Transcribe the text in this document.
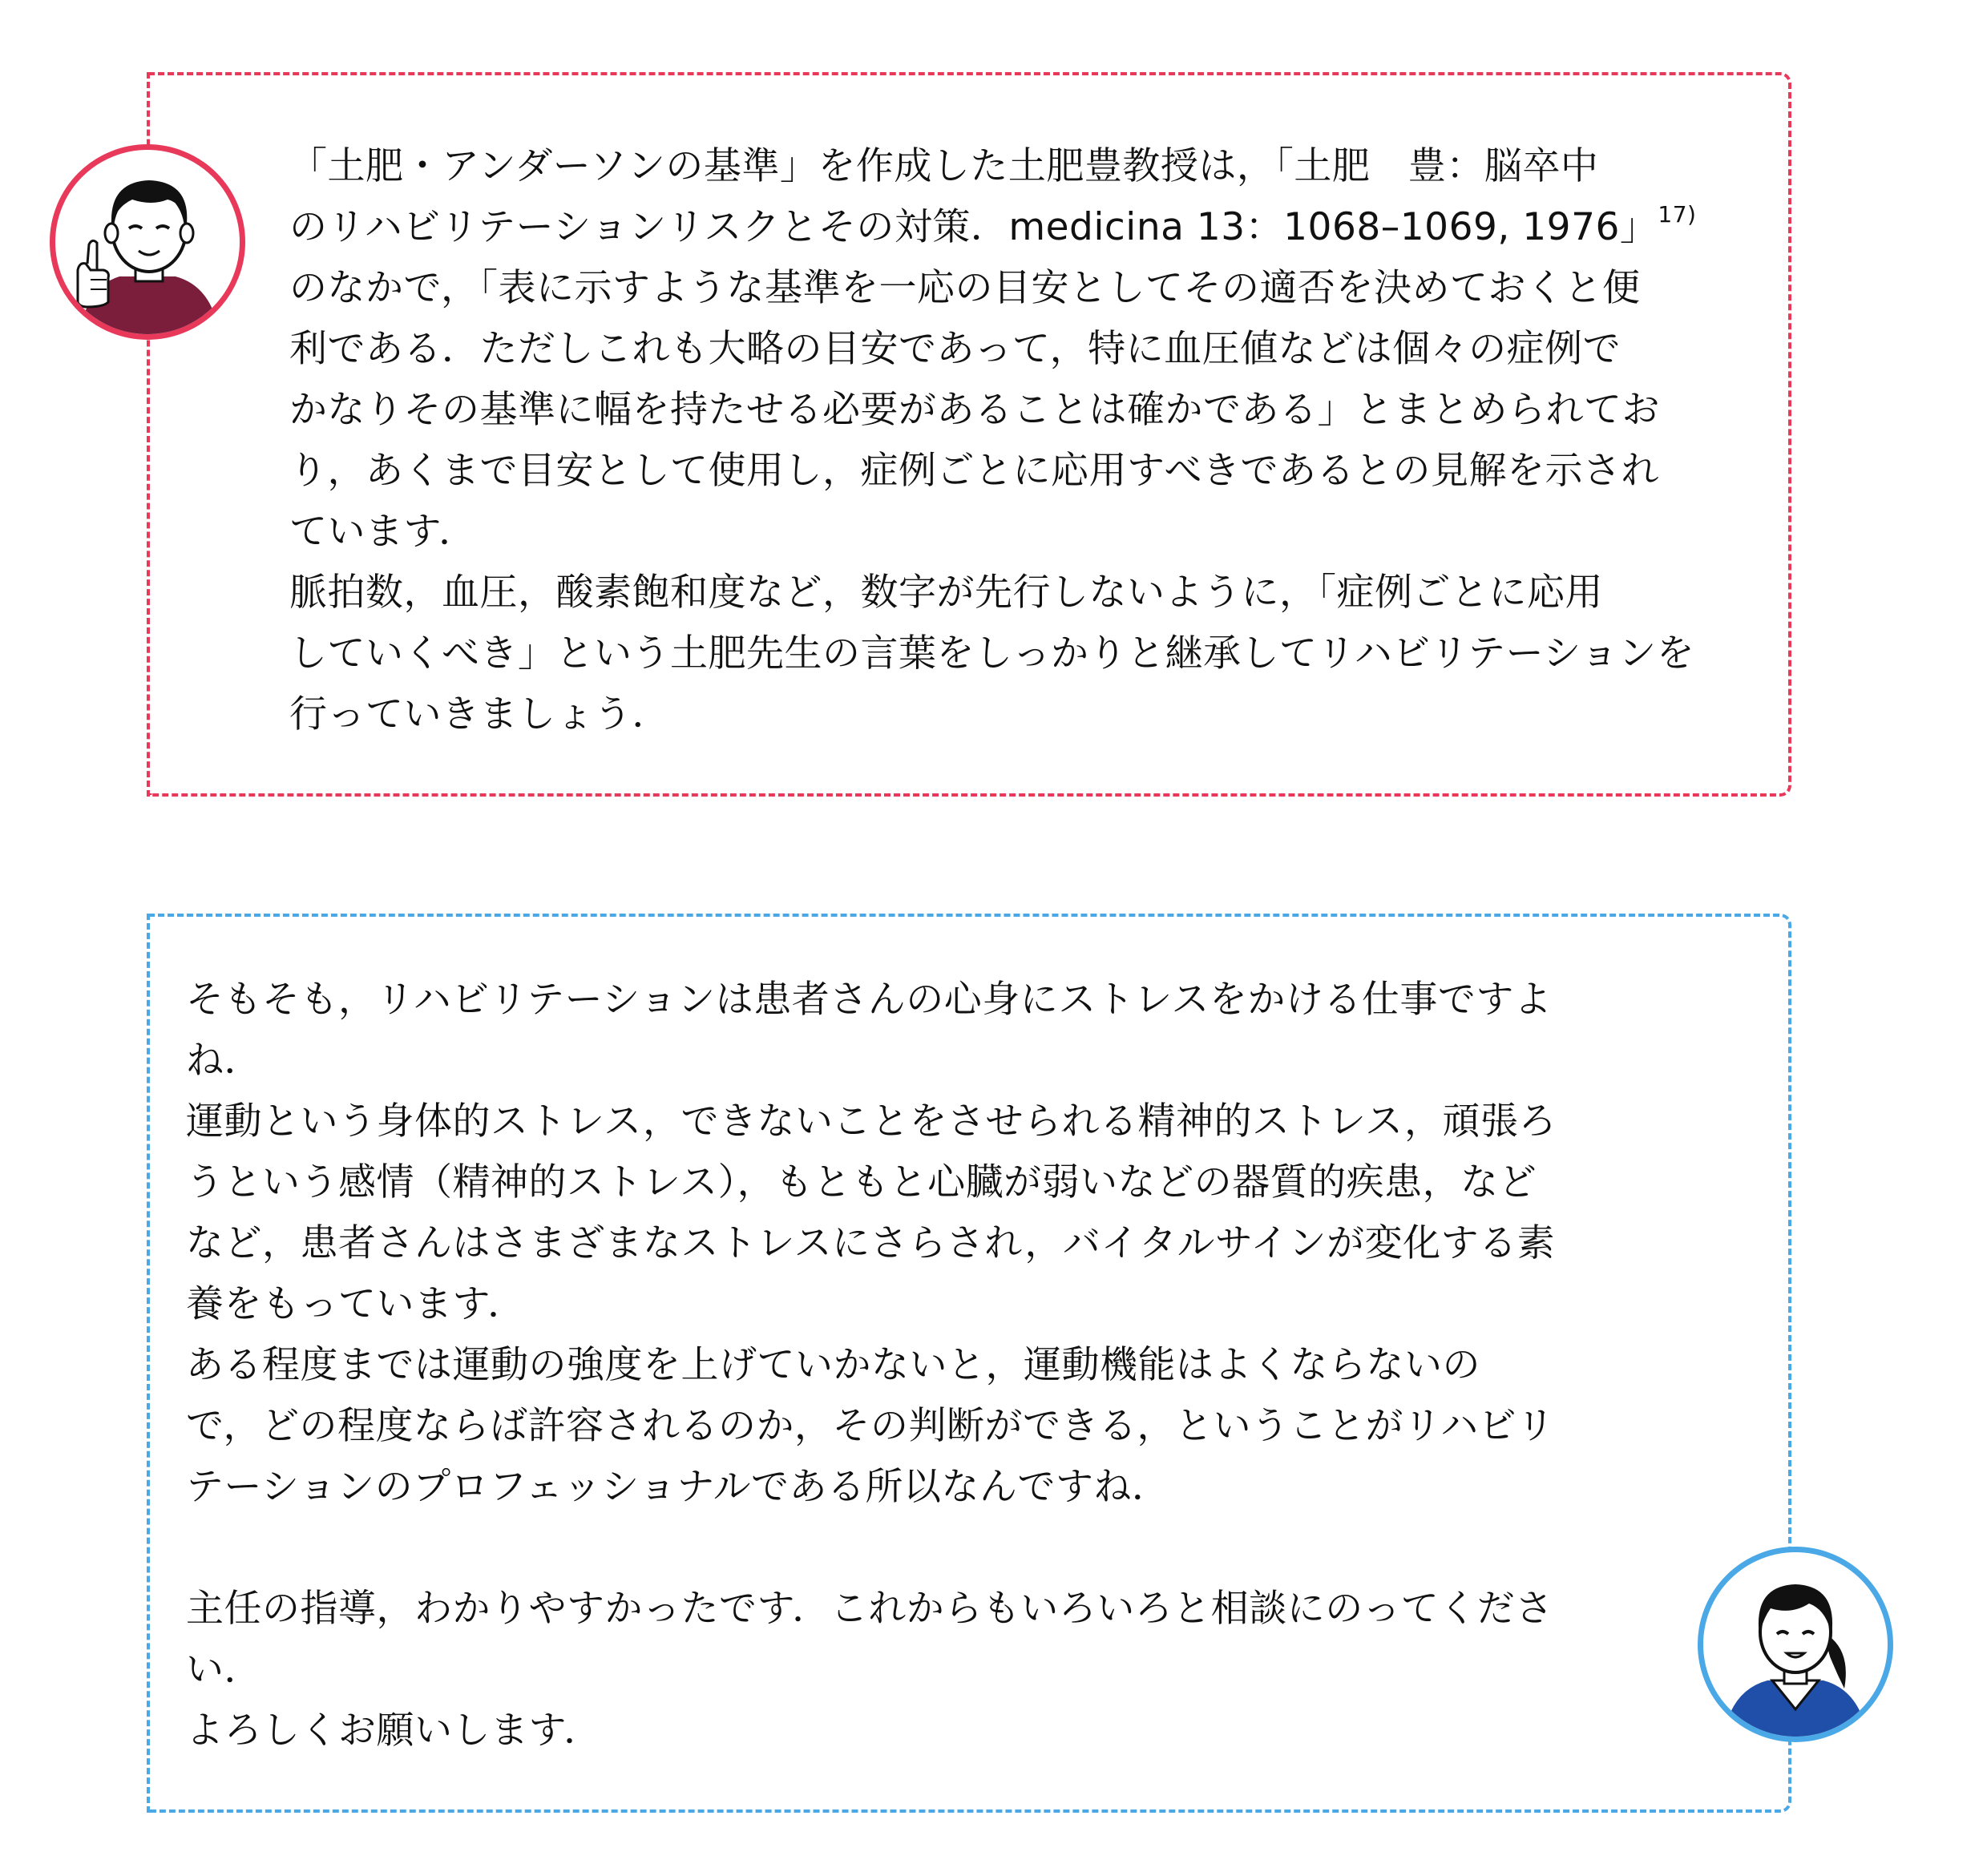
「土肥・アンダーソンの基準」を作成した土肥豊教授は，「土肥　豊：脳卒中
のリハビリテーションリスクとその対策．medicina 13：1068–1069, 1976」$^{17)}$
のなかで，「表に示すような基準を一応の目安としてその適否を決めておくと便
利である．ただしこれも大略の目安であって，特に血圧値などは個々の症例で
かなりその基準に幅を持たせる必要があることは確かである」とまとめられてお
り，あくまで目安として使用し，症例ごとに応用すべきであるとの見解を示され
ています．
脈拍数，血圧，酸素飽和度など，数字が先行しないように，「症例ごとに応用
していくべき」という土肥先生の言葉をしっかりと継承してリハビリテーションを
行っていきましょう．
そもそも，リハビリテーションは患者さんの心身にストレスをかける仕事ですよ
ね．
運動という身体的ストレス，できないことをさせられる精神的ストレス，頑張ろ
うという感情（精神的ストレス），もともと心臓が弱いなどの器質的疾患，など
など，患者さんはさまざまなストレスにさらされ，バイタルサインが変化する素
養をもっています．
ある程度までは運動の強度を上げていかないと，運動機能はよくならないの
で，どの程度ならば許容されるのか，その判断ができる，ということがリハビリ
テーションのプロフェッショナルである所以なんですね．
主任の指導，わかりやすかったです．これからもいろいろと相談にのってくださ
い．
よろしくお願いします．
